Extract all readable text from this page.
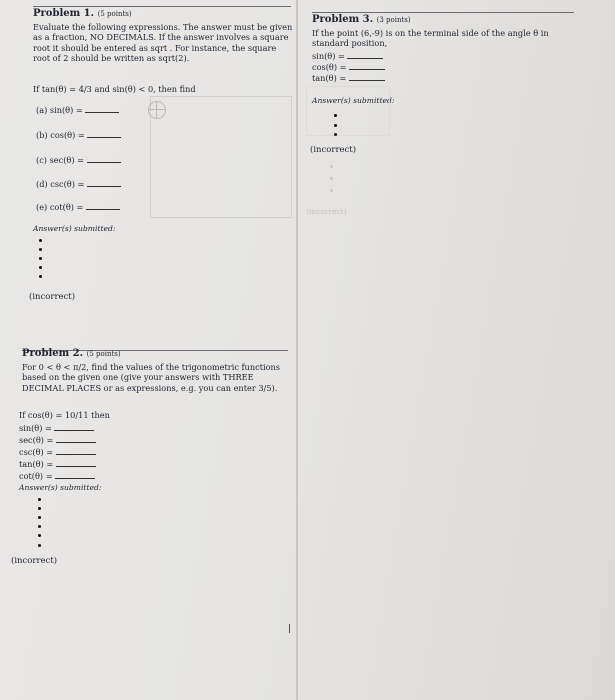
Problem 1. (5 points)
Evaluate the following expressions. The answer must be given as a fraction, NO DECIMALS. If the answer involves a square root it should be entered as sqrt . For instance, the square root of 2 should be written as sqrt(2).
If tan(θ) = 4/3 and sin(θ) < 0, then find
(a) sin(θ) =
(b) cos(θ) =
(c) sec(θ) =
(d) csc(θ) =
(e) cot(θ) =
Answer(s) submitted:
(incorrect)
Problem 2. (5 points)
For 0 < θ < π/2, find the values of the trigonometric functions based on the given one (give your answers with THREE DECIMAL PLACES or as expressions, e.g. you can enter 3/5).
If cos(θ) = 10/11 then
sin(θ) =
sec(θ) =
csc(θ) =
tan(θ) =
cot(θ) =
Answer(s) submitted:
(incorrect)
Problem 3. (3 points)
If the point (6,-9) is on the terminal side of the angle θ in standard position,
sin(θ) =
cos(θ) =
tan(θ) =
Answer(s) submitted:
(incorrect)
(incorrect)
